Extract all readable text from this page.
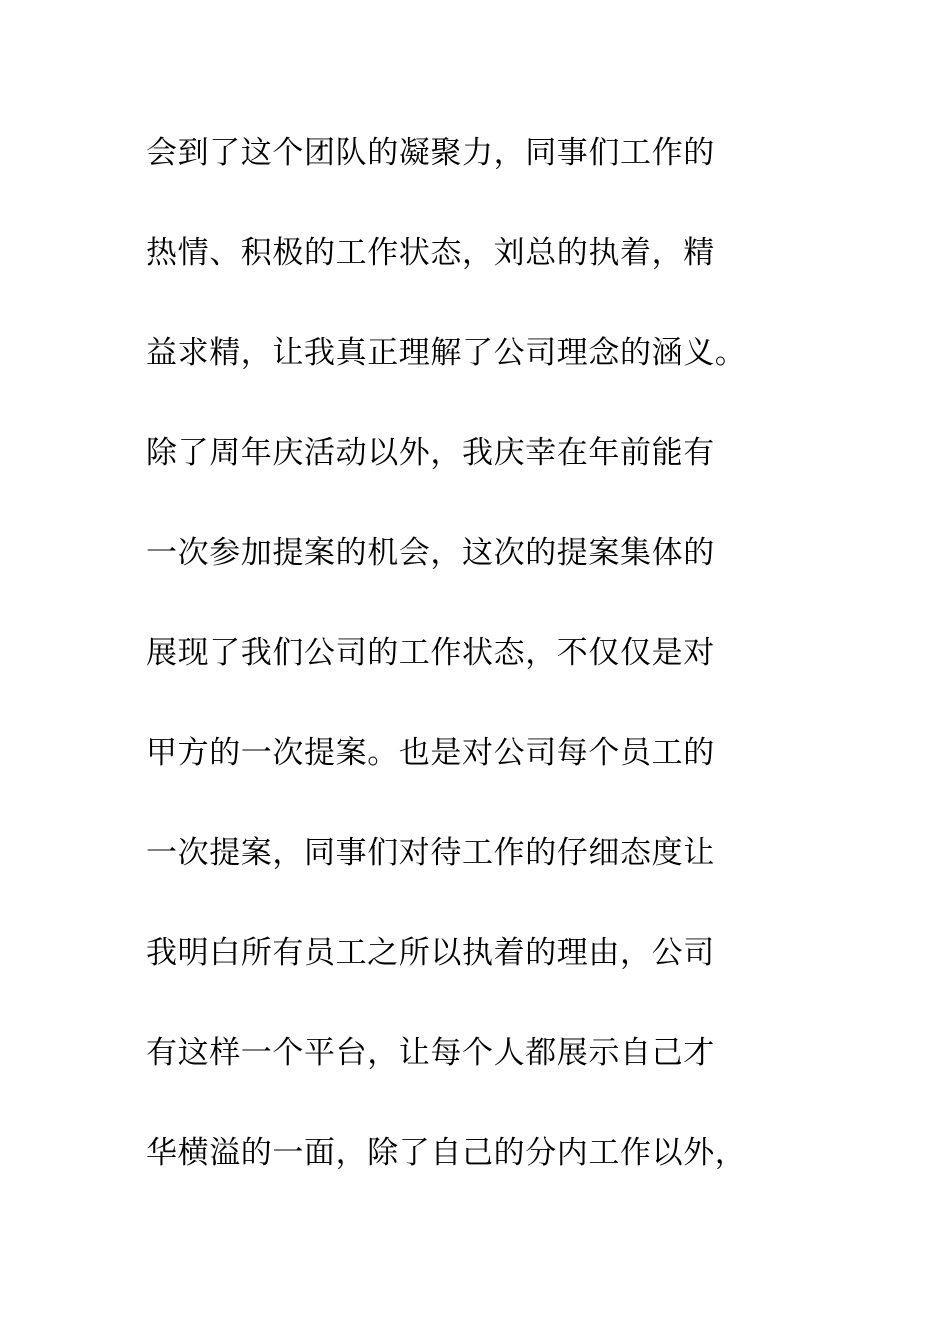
会到了这个团队的凝聚力，同事们工作的
热情、积极的工作状态，刘总的执着，精
益求精，让我真正理解了公司理念的涵义。
除了周年庆活动以外，我庆幸在年前能有
一次参加提案的机会，这次的提案集体的
展现了我们公司的工作状态，不仅仅是对
甲方的一次提案。也是对公司每个员工的
一次提案，同事们对待工作的仔细态度让
我明白所有员工之所以执着的理由，公司
有这样一个平台，让每个人都展示自己才
华横溢的一面，除了自己的分内工作以外，
